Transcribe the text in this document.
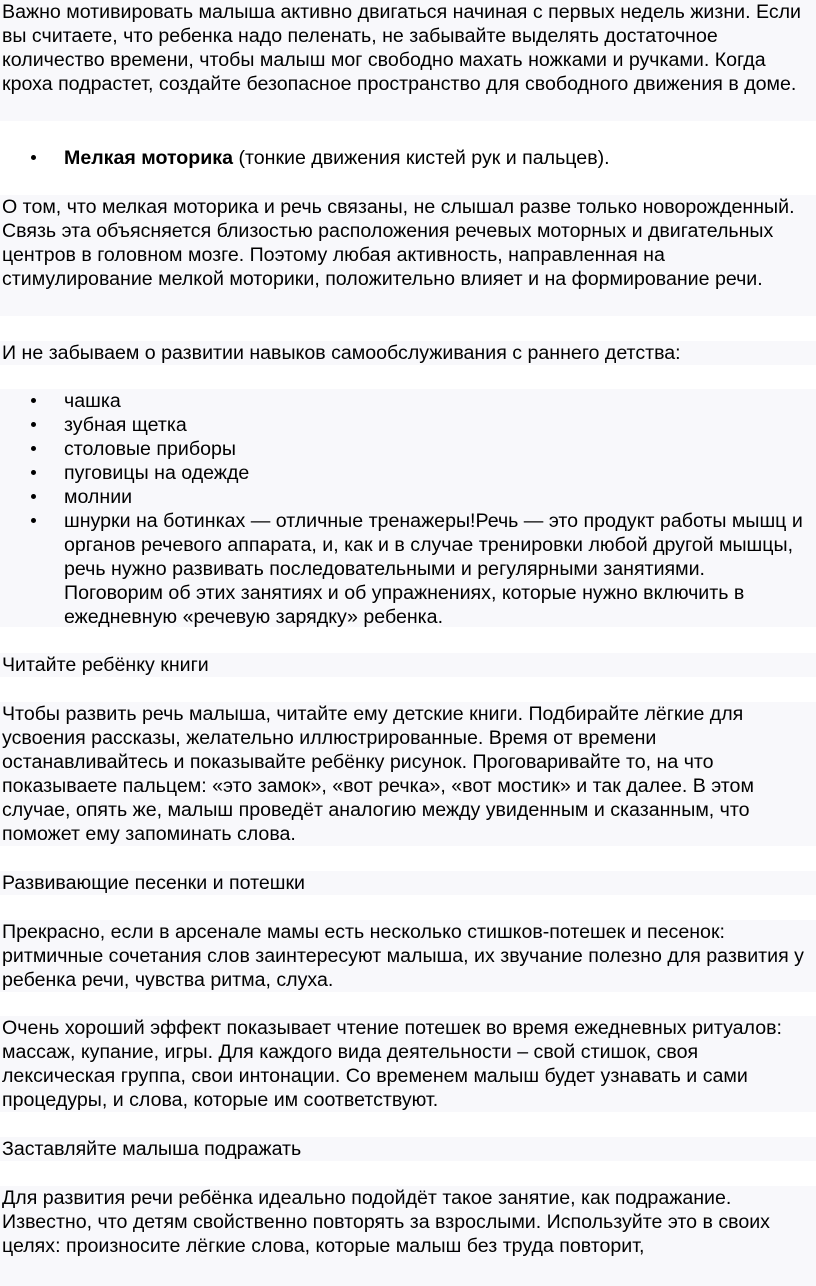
Важно мотивировать малыша активно двигаться начиная с первых недель жизни. Если вы считаете, что ребенка надо пеленать, не забывайте выделять достаточное количество времени, чтобы малыш мог свободно махать ножками и ручками. Когда кроха подрастет, создайте безопасное пространство для свободного движения в доме.

Мелкая моторика (тонкие движения кистей рук и пальцев).

О том, что мелкая моторика и речь связаны, не слышал разве только новорожденный. Связь эта объясняется близостью расположения речевых моторных и двигательных центров в головном мозге. Поэтому любая активность, направленная на стимулирование мелкой моторики, положительно влияет и на формирование речи.

И не забываем о развитии навыков самообслуживания с раннего детства:

чашка
зубная щетка
столовые приборы
пуговицы на одежде
молнии
шнурки на ботинках — отличные тренажеры!Речь — это продукт работы мышц и органов речевого аппарата, и, как и в случае тренировки любой другой мышцы, речь нужно развивать последовательными и регулярными занятиями. Поговорим об этих занятиях и об упражнениях, которые нужно включить в ежедневную «речевую зарядку» ребенка.

Читайте ребёнку книги

Чтобы развить речь малыша, читайте ему детские книги. Подбирайте лёгкие для усвоения рассказы, желательно иллюстрированные. Время от времени останавливайтесь и показывайте ребёнку рисунок. Проговаривайте то, на что показываете пальцем: «это замок», «вот речка», «вот мостик» и так далее. В этом случае, опять же, малыш проведёт аналогию между увиденным и сказанным, что поможет ему запоминать слова.

Развивающие песенки и потешки

Прекрасно, если в арсенале мамы есть несколько стишков-потешек и песенок: ритмичные сочетания слов заинтересуют малыша, их звучание полезно для развития у ребенка речи, чувства ритма, слуха.

Очень хороший эффект показывает чтение потешек во время ежедневных ритуалов: массаж, купание, игры. Для каждого вида деятельности – свой стишок, своя лексическая группа, свои интонации. Со временем малыш будет узнавать и сами процедуры, и слова, которые им соответствуют.

Заставляйте малыша подражать

Для развития речи ребёнка идеально подойдёт такое занятие, как подражание. Известно, что детям свойственно повторять за взрослыми. Используйте это в своих целях: произносите лёгкие слова, которые малыш без труда повторит,
